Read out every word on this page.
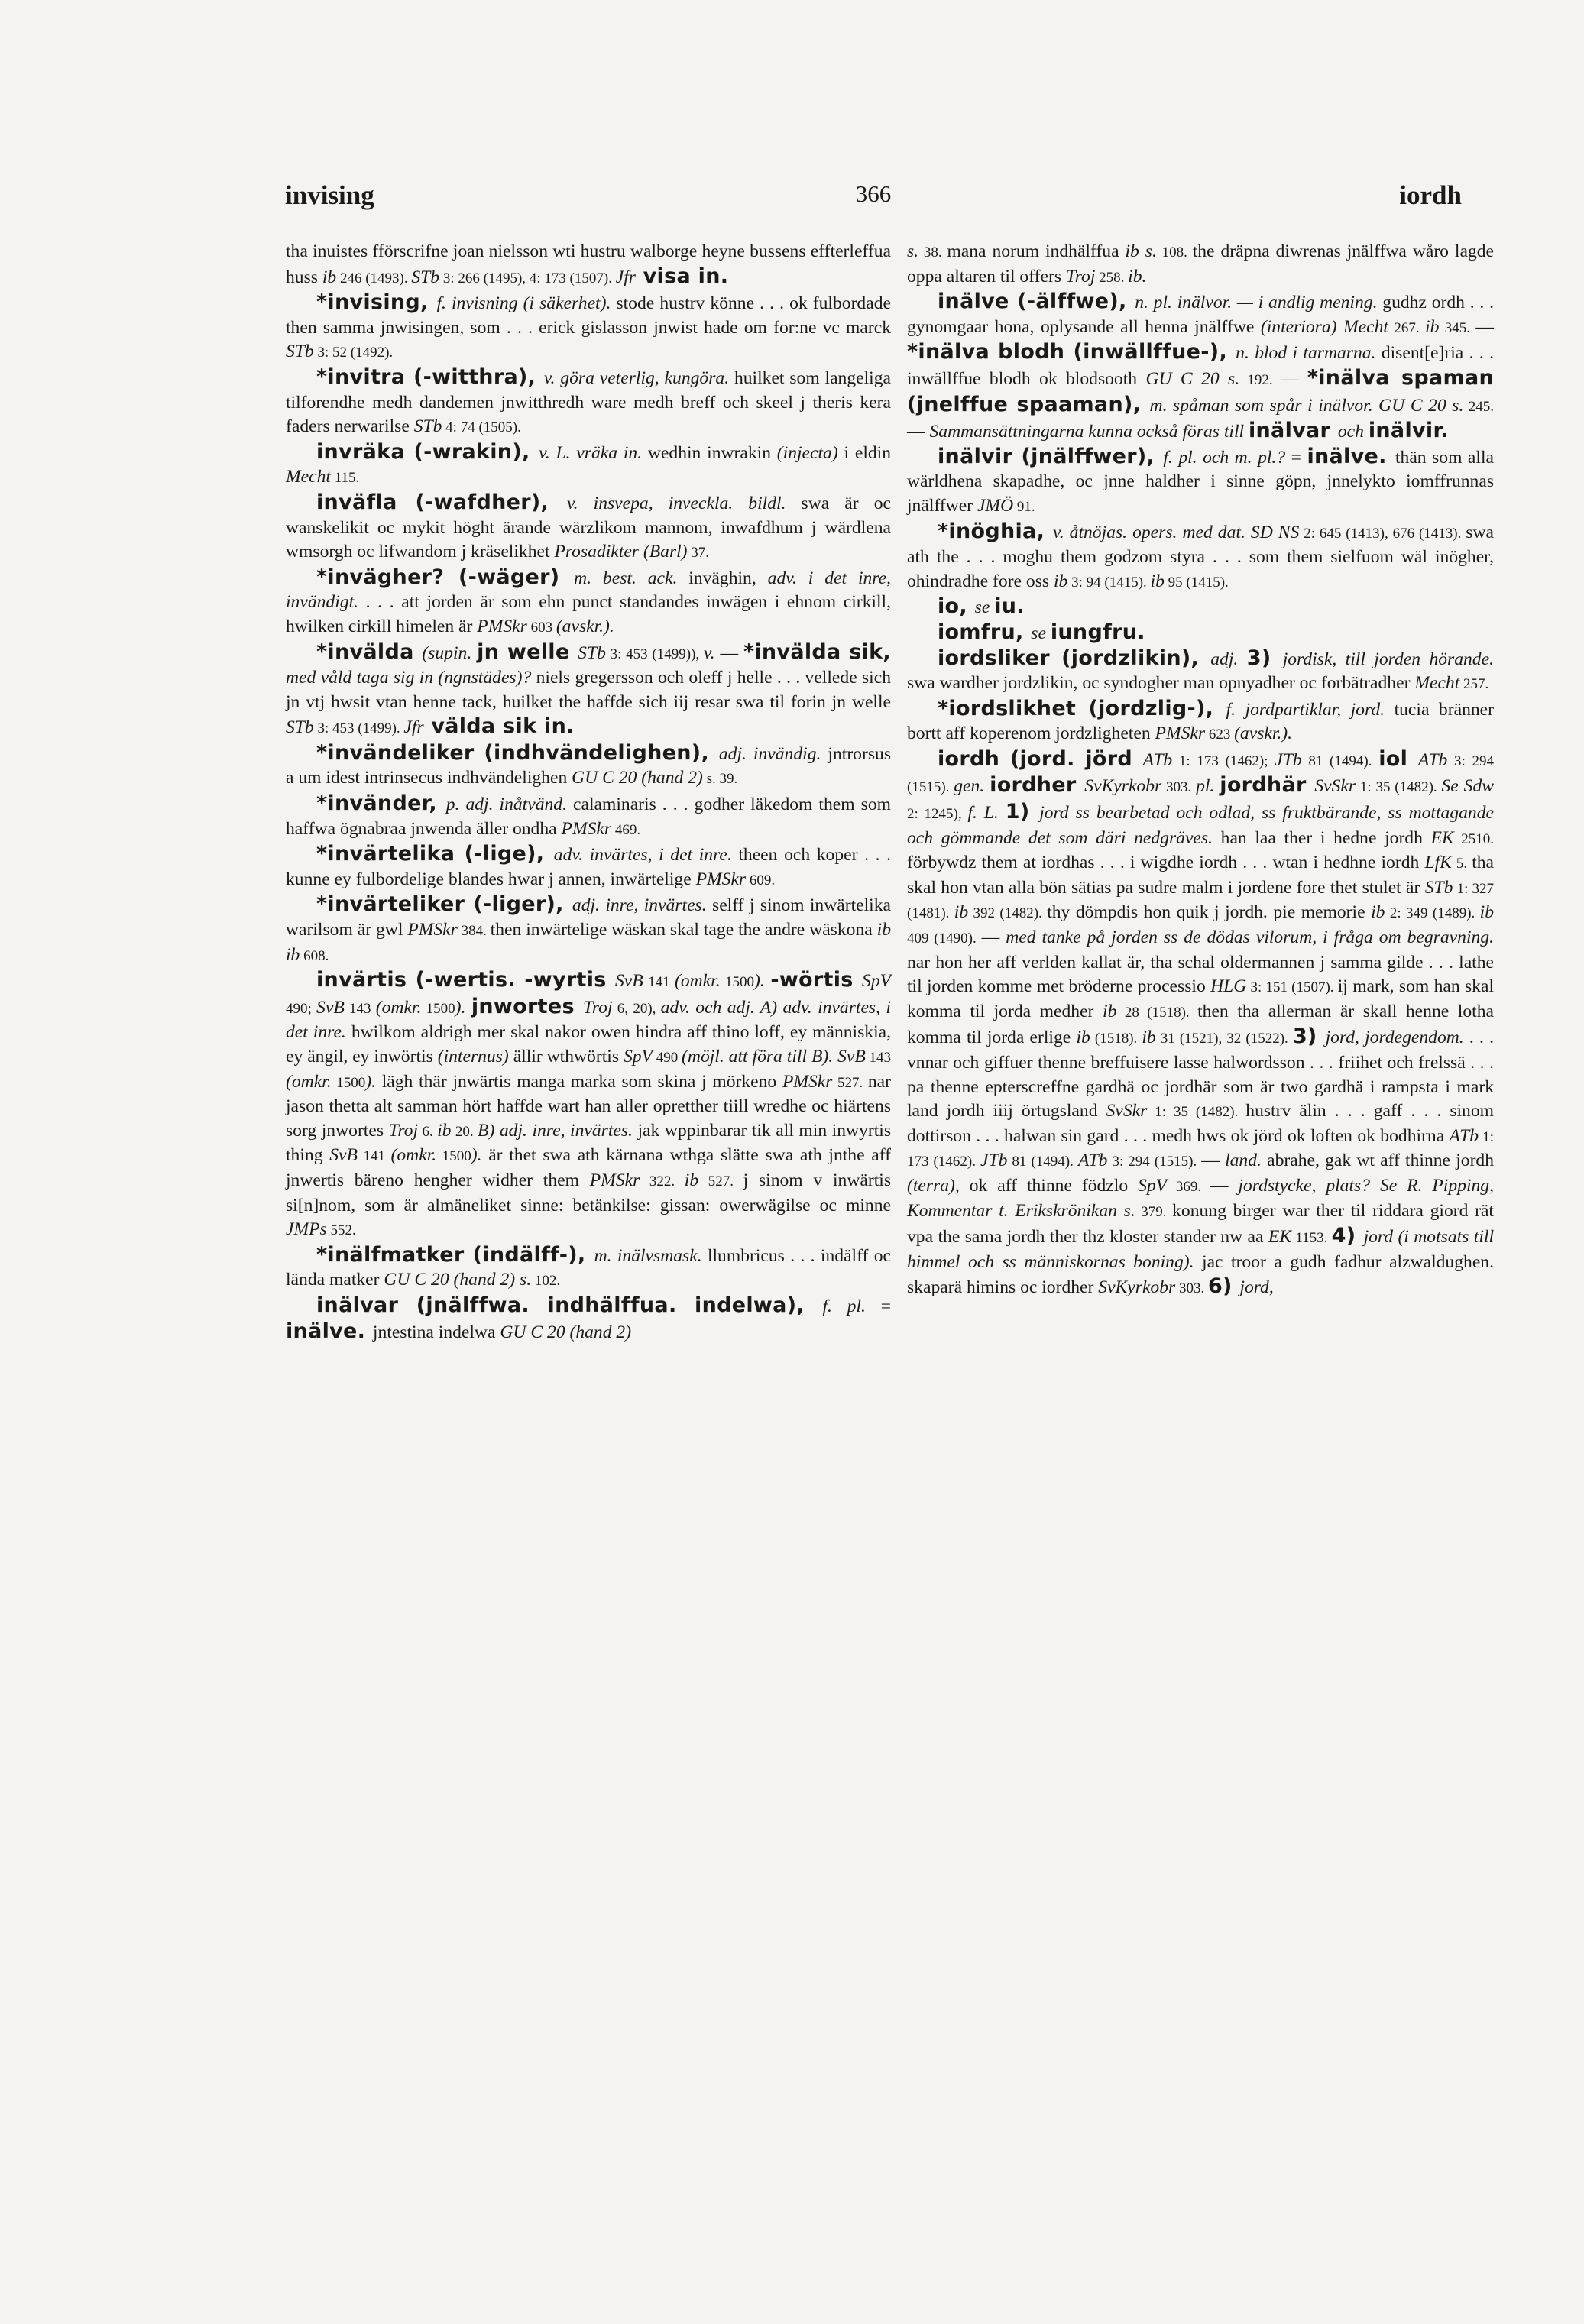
invising	366	iordh

tha inuistes fförscrifne joan nielsson wti hustru walborge heyne bussens effterleffua huss ib 246 (1493). STb 3: 266 (1495), 4: 173 (1507). Jfr visa in.

*invising, f. invisning (i säkerhet). stode hustrv könne . . . ok fulbordade then samma jnwisingen, som . . . erick gislasson jnwist hade om for:ne vc marck STb 3: 52 (1492).

*invitra (-witthra), v. göra veterlig, kungöra. huilket som langeliga tilforendhe medh dandemen jnwitthredh ware medh breff och skeel j theris kera faders nerwarilse STb 4: 74 (1505).

invräka (-wrakin), v. L. vräka in. wedhin inwrakin (injecta) i eldin Mecht 115.

inväfla (-wafdher), v. insvepa, inveckla. bildl. swa är oc wanskelikit oc mykit höght ärande wärzlikom mannom, inwafdhum j wärdlena wmsorgh oc lifwandom j kräselikhet Prosadikter (Barl) 37.

*invägher? (-wäger) m. best. ack. inväghin, adv. i det inre, invändigt. . . . att jorden är som ehn punct standandes inwägen i ehnom cirkill, hwilken cirkill himelen är PMSkr 603 (avskr.).

*invälda (supin. jn welle STb 3: 453 (1499)), v. — *invälda sik, med våld taga sig in (ngnstädes)? niels gregersson och oleff j helle . . . vellede sich jn vtj hwsit vtan henne tack, huilket the haffde sich iij resar swa til forin jn welle STb 3: 453 (1499). Jfr välda sik in.

*invändeliker (indhvändelighen), adj. invändig. jntrorsus a um idest intrinsecus indhvändelighen GU C 20 (hand 2) s. 39.

*invänder, p. adj. inåtvänd. calaminaris . . . godher läkedom them som haffwa ögnabraa jnwenda äller ondha PMSkr 469.

*invärtelika (-lige), adv. invärtes, i det inre. theen och koper . . . kunne ey fulbordelige blandes hwar j annen, inwärtelige PMSkr 609.

*invärteliker (-liger), adj. inre, invärtes. selff j sinom inwärtelika warilsom är gwl PMSkr 384. then inwärtelige wäskan skal tage the andre wäskona ib ib 608.

invärtis (-wertis. -wyrtis SvB 141 (omkr. 1500). -wörtis SpV 490; SvB 143 (omkr. 1500). jnwortes Troj 6, 20), adv. och adj. A) adv. invärtes, i det inre. hwilkom aldrigh mer skal nakor owen hindra aff thino loff, ey människia, ey ängil, ey inwörtis (internus) ällir wthwörtis SpV 490 (möjl. att föra till B). SvB 143 (omkr. 1500). lägh thär jnwärtis manga marka som skina j mörkeno PMSkr 527. nar jason thetta alt samman hört haffde wart han aller opretther tiill wredhe oc hiärtens sorg jnwortes Troj 6. ib 20. B) adj. inre, invärtes. jak wppinbarar tik all min inwyrtis thing SvB 141 (omkr. 1500). är thet swa ath kärnana wthga slätte swa ath jnthe aff jnwertis bäreno hengher widher them PMSkr 322. ib 527. j sinom v inwärtis si[n]nom, som är almäneliket sinne: betänkilse: gissan: owerwägilse oc minne JMPs 552.

*inälfmatker (indälff-), m. inälvsmask. llumbricus . . . indälff oc lända matker GU C 20 (hand 2) s. 102.

inälvar (jnälffwa. indhälffua. indelwa), f. pl. = inälve. jntestina indelwa GU C 20 (hand 2)

s. 38. mana norum indhälffua ib s. 108. the dräpna diwrenas jnälffwa wåro lagde oppa altaren til offers Troj 258. ib.

inälve (-älffwe), n. pl. inälvor. — i andlig mening. gudhz ordh . . . gynomgaar hona, oplysande all henna jnälffwe (interiora) Mecht 267. ib 345. — *inälva blodh (inwällffue-), n. blod i tarmarna. disent[e]ria . . . inwällffue blodh ok blodsooth GU C 20 s. 192. — *inälva spaman (jnelffue spaaman), m. spåman som spår i inälvor. GU C 20 s. 245. — Sammansättningarna kunna också föras till inälvar och inälvir.

inälvir (jnälffwer), f. pl. och m. pl.? = inälve. thän som alla wärldhena skapadhe, oc jnne haldher i sinne göpn, jnnelykto iomffrunnas jnälffwer JMÖ 91.

*inöghia, v. åtnöjas. opers. med dat. SD NS 2: 645 (1413), 676 (1413). swa ath the . . . moghu them godzom styra . . . som them sielfuom wäl inögher, ohindradhe fore oss ib 3: 94 (1415). ib 95 (1415).

io, se iu.

iomfru, se iungfru.

iordsliker (jordzlikin), adj. 3) jordisk, till jorden hörande. swa wardher jordzlikin, oc syndogher man opnyadher oc forbätradher Mecht 257.

*iordslikhet (jordzlig-), f. jordpartiklar, jord. tucia bränner bortt aff koperenom jordzligheten PMSkr 623 (avskr.).

iordh (jord. jörd ATb 1: 173 (1462); JTb 81 (1494). iol ATb 3: 294 (1515). gen. iordher SvKyrkobr 303. pl. jordhär SvSkr 1: 35 (1482). Se Sdw 2: 1245), f. L. 1) jord ss bearbetad och odlad, ss fruktbärande, ss mottagande och gömmande det som däri nedgräves. han laa ther i hedne jordh EK 2510. förbywdz them at iordhas . . . i wigdhe iordh . . . wtan i hedhne iordh LfK 5. tha skal hon vtan alla bön sätias pa sudre malm i jordene fore thet stulet är STb 1: 327 (1481). ib 392 (1482). thy dömpdis hon quik j jordh. pie memorie ib 2: 349 (1489). ib 409 (1490). — med tanke på jorden ss de dödas vilorum, i fråga om begravning. nar hon her aff verlden kallat är, tha schal oldermannen j samma gilde . . . lathe til jorden komme met bröderne processio HLG 3: 151 (1507). ij mark, som han skal komma til jorda medher ib 28 (1518). then tha allerman är skall henne lotha komma til jorda erlige ib (1518). ib 31 (1521), 32 (1522). 3) jord, jordegendom. . . . vnnar och giffuer thenne breffuisere lasse halwordsson . . . friihet och frelssä . . . pa thenne epterscreffne gardhä oc jordhär som är two gardhä i rampsta i mark land jordh iiij örtugsland SvSkr 1: 35 (1482). hustrv älin . . . gaff . . . sinom dottirson . . . halwan sin gard . . . medh hws ok jörd ok loften ok bodhirna ATb 1: 173 (1462). JTb 81 (1494). ATb 3: 294 (1515). — land. abrahe, gak wt aff thinne jordh (terra), ok aff thinne födzlo SpV 369. — jordstycke, plats? Se R. Pipping, Kommentar t. Erikskrönikan s. 379. konung birger war ther til riddara giord rät vpa the sama jordh ther thz kloster stander nw aa EK 1153. 4) jord (i motsats till himmel och ss människornas boning). jac troor a gudh fadhur alzwaldughen. skaparä himins oc iordher SvKyrkobr 303. 6) jord,
